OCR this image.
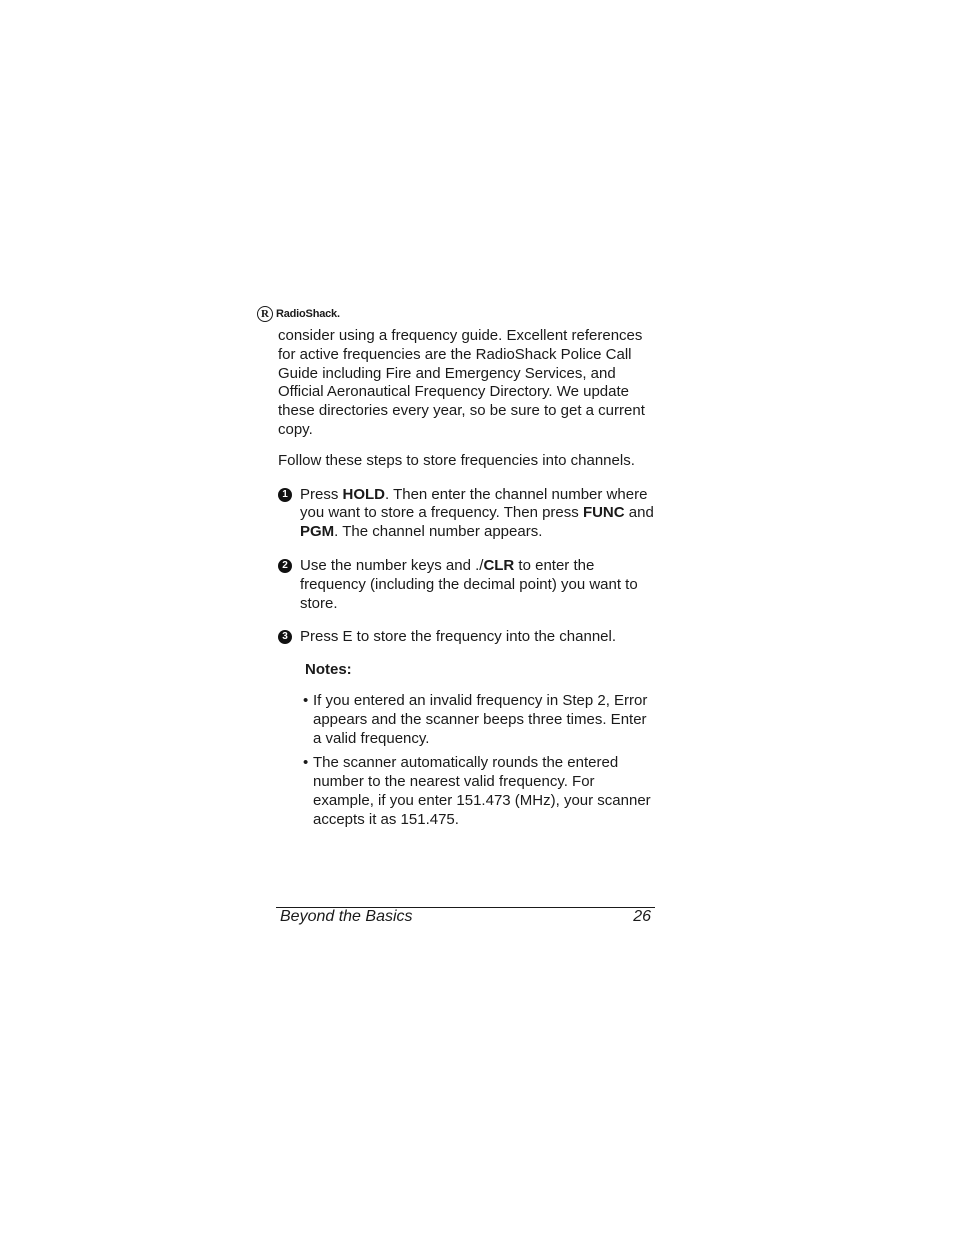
R RadioShack.

consider using a frequency guide. Excellent references for active frequencies are the RadioShack Police Call Guide including Fire and Emergency Services, and Official Aeronautical Frequency Directory. We update these directories every year, so be sure to get a current copy.

Follow these steps to store frequencies into channels.

1 Press HOLD. Then enter the channel number where you want to store a frequency. Then press FUNC and PGM. The channel number appears.
2 Use the number keys and ./CLR to enter the frequency (including the decimal point) you want to store.
3 Press E to store the frequency into the channel.
Notes:
• If you entered an invalid frequency in Step 2, Error appears and the scanner beeps three times. Enter a valid frequency.
• The scanner automatically rounds the entered number to the nearest valid frequency. For example, if you enter 151.473 (MHz), your scanner accepts it as 151.475.
Beyond the Basics	26
